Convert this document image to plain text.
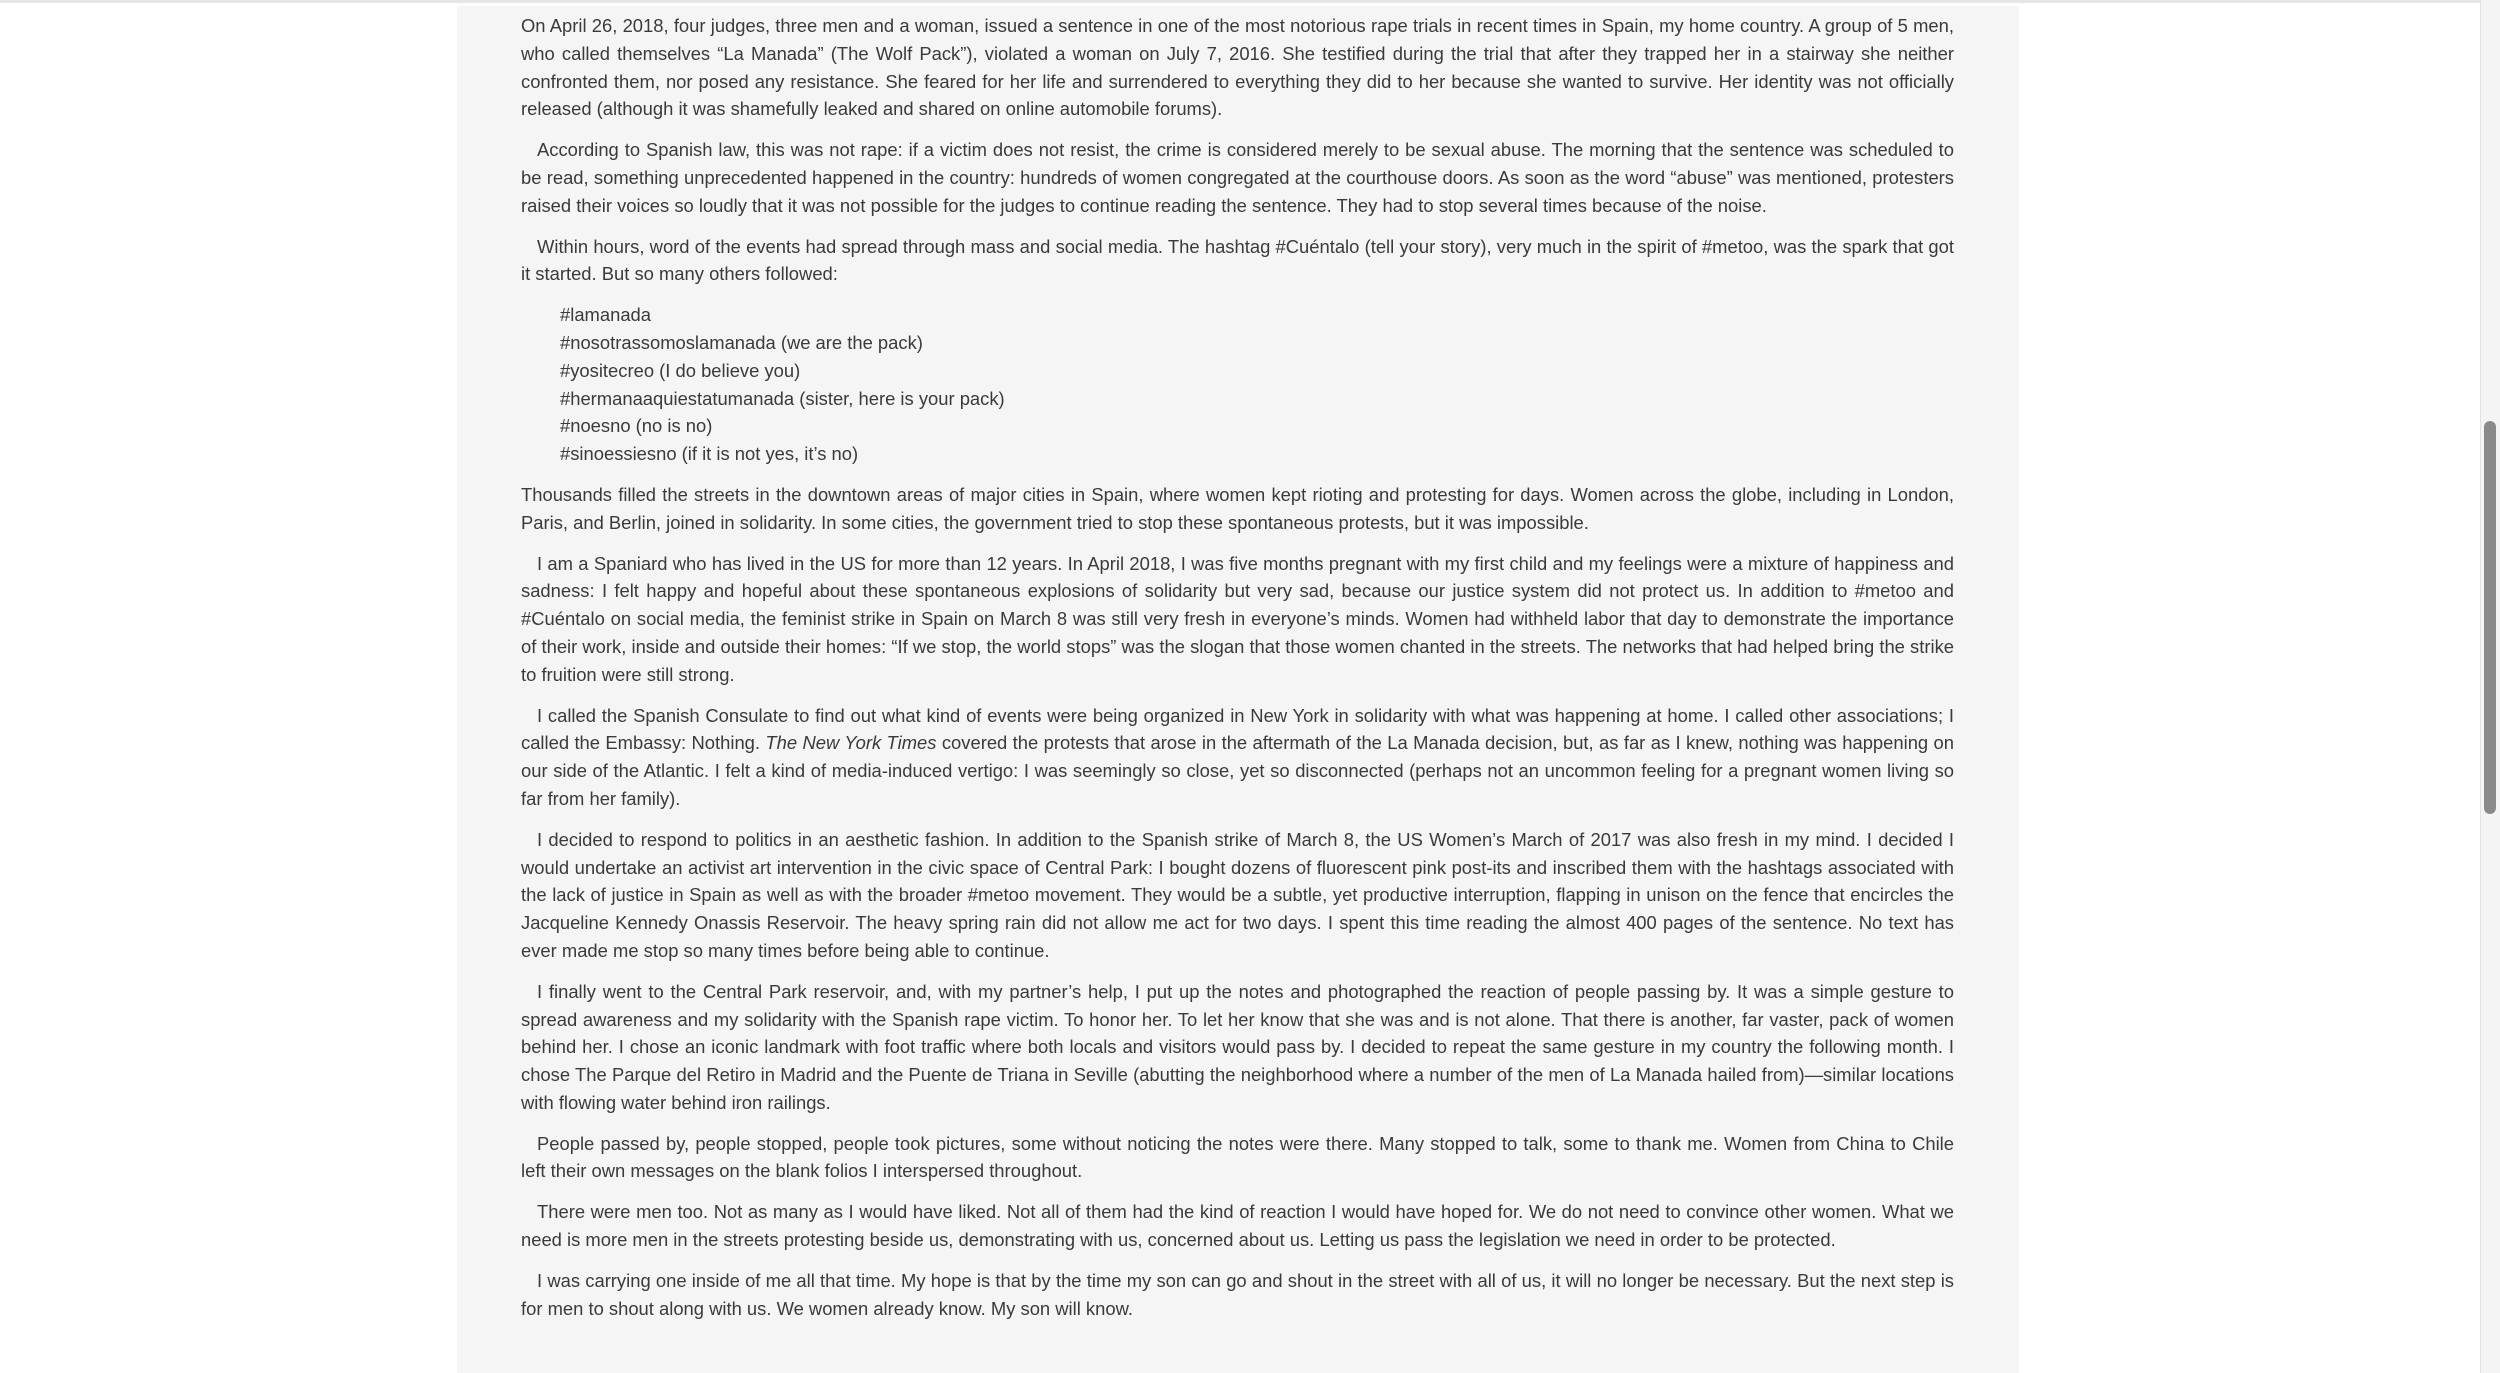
On April 26, 2018, four judges, three men and a woman, issued a sentence in one of the most notorious rape trials in recent times in Spain, my home country. A group of 5 men, who called themselves “La Manada” (The Wolf Pack”), violated a woman on July 7, 2016. She testified during the trial that after they trapped her in a stairway she neither confronted them, nor posed any resistance. She feared for her life and surrendered to everything they did to her because she wanted to survive. Her identity was not officially released (although it was shamefully leaked and shared on online automobile forums).

According to Spanish law, this was not rape: if a victim does not resist, the crime is considered merely to be sexual abuse. The morning that the sentence was scheduled to be read, something unprecedented happened in the country: hundreds of women congregated at the courthouse doors. As soon as the word “abuse” was mentioned, protesters raised their voices so loudly that it was not possible for the judges to continue reading the sentence. They had to stop several times because of the noise.

Within hours, word of the events had spread through mass and social media. The hashtag #Cuéntalo (tell your story), very much in the spirit of #metoo, was the spark that got it started. But so many others followed:

#lamanada
#nosotrassomoslamanada (we are the pack)
#yositecreo (I do believe you)
#hermanaaquiestatumanada (sister, here is your pack)
#noesno (no is no)
#sinoessiesno (if it is not yes, it’s no)

Thousands filled the streets in the downtown areas of major cities in Spain, where women kept rioting and protesting for days. Women across the globe, including in London, Paris, and Berlin, joined in solidarity. In some cities, the government tried to stop these spontaneous protests, but it was impossible.

I am a Spaniard who has lived in the US for more than 12 years. In April 2018, I was five months pregnant with my first child and my feelings were a mixture of happiness and sadness: I felt happy and hopeful about these spontaneous explosions of solidarity but very sad, because our justice system did not protect us. In addition to #metoo and #Cuéntalo on social media, the feminist strike in Spain on March 8 was still very fresh in everyone’s minds. Women had withheld labor that day to demonstrate the importance of their work, inside and outside their homes: “If we stop, the world stops” was the slogan that those women chanted in the streets. The networks that had helped bring the strike to fruition were still strong.

I called the Spanish Consulate to find out what kind of events were being organized in New York in solidarity with what was happening at home. I called other associations; I called the Embassy: Nothing. The New York Times covered the protests that arose in the aftermath of the La Manada decision, but, as far as I knew, nothing was happening on our side of the Atlantic. I felt a kind of media-induced vertigo: I was seemingly so close, yet so disconnected (perhaps not an uncommon feeling for a pregnant women living so far from her family).

I decided to respond to politics in an aesthetic fashion. In addition to the Spanish strike of March 8, the US Women’s March of 2017 was also fresh in my mind. I decided I would undertake an activist art intervention in the civic space of Central Park: I bought dozens of fluorescent pink post-its and inscribed them with the hashtags associated with the lack of justice in Spain as well as with the broader #metoo movement. They would be a subtle, yet productive interruption, flapping in unison on the fence that encircles the Jacqueline Kennedy Onassis Reservoir. The heavy spring rain did not allow me act for two days. I spent this time reading the almost 400 pages of the sentence. No text has ever made me stop so many times before being able to continue.

I finally went to the Central Park reservoir, and, with my partner’s help, I put up the notes and photographed the reaction of people passing by. It was a simple gesture to spread awareness and my solidarity with the Spanish rape victim. To honor her. To let her know that she was and is not alone. That there is another, far vaster, pack of women behind her. I chose an iconic landmark with foot traffic where both locals and visitors would pass by. I decided to repeat the same gesture in my country the following month. I chose The Parque del Retiro in Madrid and the Puente de Triana in Seville (abutting the neighborhood where a number of the men of La Manada hailed from)—similar locations with flowing water behind iron railings.

People passed by, people stopped, people took pictures, some without noticing the notes were there. Many stopped to talk, some to thank me. Women from China to Chile left their own messages on the blank folios I interspersed throughout.

There were men too. Not as many as I would have liked. Not all of them had the kind of reaction I would have hoped for. We do not need to convince other women. What we need is more men in the streets protesting beside us, demonstrating with us, concerned about us. Letting us pass the legislation we need in order to be protected.

I was carrying one inside of me all that time. My hope is that by the time my son can go and shout in the street with all of us, it will no longer be necessary. But the next step is for men to shout along with us. We women already know. My son will know.
